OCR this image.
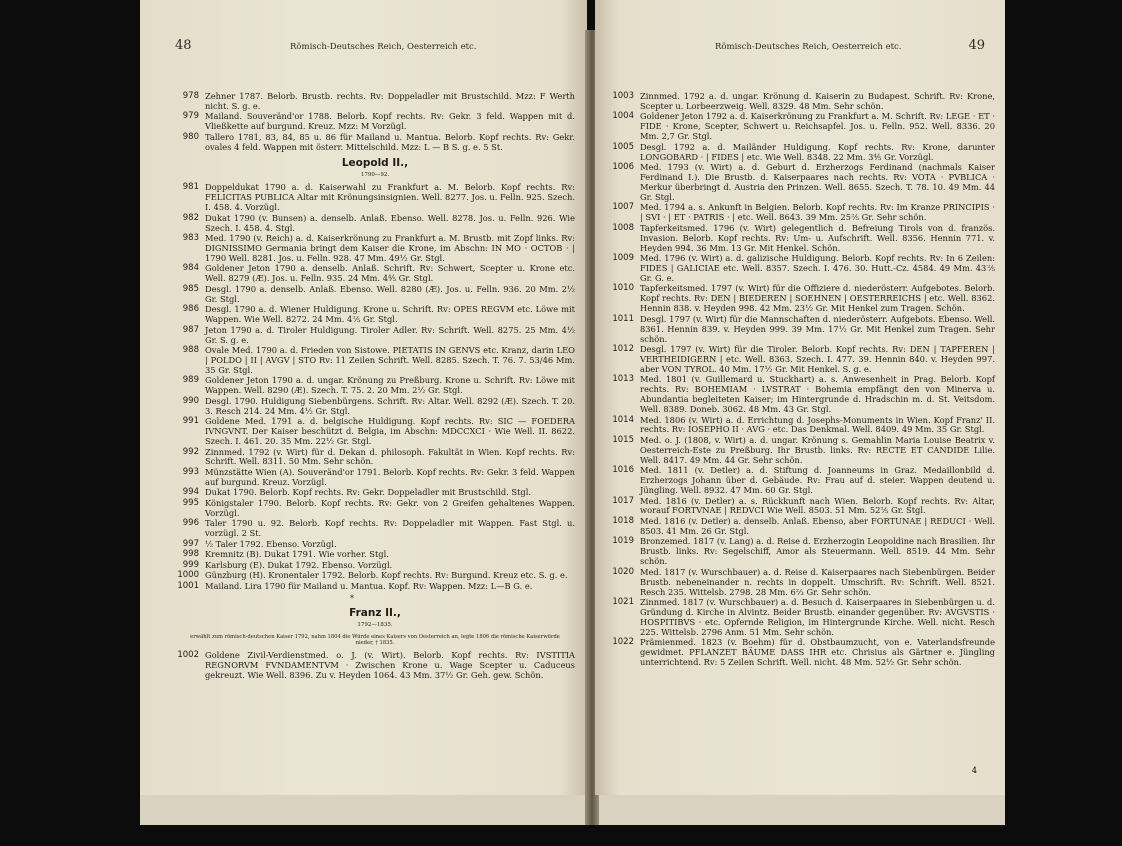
48	Römisch-Deutsches Reich, Oesterreich etc.
978 Zehner 1787. Belorb. Brustb. rechts. Rv: Doppeladler mit Brustschild. Mzz: F Werth nicht. S. g. e.
979 Mailand. Souveränd'or 1788. Belorb. Kopf rechts. Rv: Gekr. 3 feld. Wappen mit d. Vließkette auf burgund. Kreuz. Mzz: M Vorzügl.
980 Tallero 1781, 83, 84, 85 u. 86 für Mailand u. Mantua. Belorb. Kopf rechts. Rv: Gekr. ovales 4 feld. Wappen mit österr. Mittelschild. Mzz: L — B S. g. e. 5 St.
Leopold II.,
1790—92.
981 Doppeldukat 1790 a. d. Kaiserwahl zu Frankfurt a. M. Belorb. Kopf rechts. Rv: FELICITAS PUBLICA Altar mit Krönungsinsignien. Well. 8277. Jos. u. Felln. 925. Szech. I. 458. 4. Vorzügl.
982 Dukat 1790 (v. Bunsen) a. denselb. Anlaß. Ebenso. Well. 8278. Jos. u. Felln. 926. Wie Szech. I. 458. 4. Stgl.
983 Med. 1790 (v. Reich) a. d. Kaiserkrönung zu Frankfurt a. M. Brustb. mit Zopf links. Rv: DIGNISSIMO Germania bringt dem Kaiser die Krone, im Abschn: IN MO · OCTOB · | 1790 Well. 8281. Jos. u. Felln. 928. 47 Mm. 49½ Gr. Stgl.
984 Goldener Jeton 1790 a. denselb. Anlaß. Schrift. Rv: Schwert, Scepter u. Krone etc. Well. 8279 (Æ). Jos. u. Felln. 935. 24 Mm. 4⅘ Gr. Stgl.
985 Desgl. 1790 a. denselb. Anlaß. Ebenso. Well. 8280 (Æ). Jos. u. Felln. 936. 20 Mm. 2½ Gr. Stgl.
986 Desgl. 1790 a. d. Wiener Huldigung. Krone u. Schrift. Rv: OPES REGVM etc. Löwe mit Wappen. Wie Well. 8272. 24 Mm. 4⅖ Gr. Stgl.
987 Jeton 1790 a. d. Tiroler Huldigung. Tiroler Adler. Rv: Schrift. Well. 8275. 25 Mm. 4½ Gr. S. g. e.
988 Ovale Med. 1790 a. d. Frieden von Sistowe. PIETATIS IN GENVS etc. Kranz, darin LEO | POLDO | II | AVGV | STO Rv: 11 Zeilen Schrift. Well. 8285. Szech. T. 76. 7. 53/46 Mm. 35 Gr. Stgl.
989 Goldener Jeton 1790 a. d. ungar. Krönung zu Preßburg. Krone u. Schrift. Rv: Löwe mit Wappen. Well. 8290 (Æ). Szech. T. 75. 2. 20 Mm. 2½ Gr. Stgl.
990 Desgl. 1790. Huldigung Siebenbürgens. Schrift. Rv: Altar. Well. 8292 (Æ). Szech. T. 20. 3. Resch 214. 24 Mm. 4½ Gr. Stgl.
991 Goldene Med. 1791 a. d. belgische Huldigung. Kopf rechts. Rv: SIC — FOEDERA IVNGVNT. Der Kaiser beschützt d. Belgia, im Abschn: MDCCXCI · Wie Well. II. 8622. Szech. I. 461. 20. 35 Mm. 22½ Gr. Stgl.
992 Zinnmed. 1792 (v. Wirt) für d. Dekan d. philosoph. Fakultät in Wien. Kopf rechts. Rv: Schrift. Well. 8311. 50 Mm. Sehr schön.
993 Münzstätte Wien (A). Souveränd'or 1791. Belorb. Kopf rechts. Rv: Gekr. 3 feld. Wappen auf burgund. Kreuz. Vorzügl.
994 Dukat 1790. Belorb. Kopf rechts. Rv: Gekr. Doppeladler mit Brustschild. Stgl.
995 Königstaler 1790. Belorb. Kopf rechts. Rv: Gekr. von 2 Greifen gehaltenes Wappen. Vorzügl.
996 Taler 1790 u. 92. Belorb. Kopf rechts. Rv: Doppeladler mit Wappen. Fast Stgl. u. vorzügl. 2 St.
997 ½ Taler 1792. Ebenso. Vorzügl.
998 Kremnitz (B). Dukat 1791. Wie vorher. Stgl.
999 Karlsburg (E). Dukat 1792. Ebenso. Vorzügl.
1000 Günzburg (H). Kronentaler 1792. Belorb. Kopf rechts. Rv: Burgund. Kreuz etc. S. g. e.
1001 Mailand. Lira 1790 für Mailand u. Mantua. Kopf. Rv: Wappen. Mzz: L—B G. e.
*
Franz II.,
1792—1835.
erwählt zum römisch-deutschen Kaiser 1792, nahm 1804 die Würde eines Kaisers von Oesterreich an, legte 1806 die römische Kaiserwürde nieder, † 1835.
1002 Goldene Zivil-Verdienstmed. o. J. (v. Wirt). Belorb. Kopf rechts. Rv: IVSTITIA REGNORVM FVNDAMENTVM · Zwischen Krone u. Wage Scepter u. Caduceus gekreuzt. Wie Well. 8396. Zu v. Heyden 1064. 43 Mm. 37½ Gr. Geh. gew. Schön.
Römisch-Deutsches Reich, Oesterreich etc.	49
1003 Zinnmed. 1792 a. d. ungar. Krönung d. Kaiserin zu Budapest. Schrift. Rv: Krone, Scepter u. Lorbeerzweig. Well. 8329. 48 Mm. Sehr schön.
1004 Goldener Jeton 1792 a. d. Kaiserkrönung zu Frankfurt a. M. Schrift. Rv: LEGE · ET · FIDE · Krone, Scepter, Schwert u. Reichsapfel. Jos. u. Felln. 952. Well. 8336. 20 Mm. 2,7 Gr. Stgl.
1005 Desgl. 1792 a. d. Mailänder Huldigung. Kopf rechts. Rv: Krone, darunter LONGOBARD · | FIDES | etc. Wie Well. 8348. 22 Mm. 3⅘ Gr. Vorzügl.
1006 Med. 1793 (v. Wirt) a. d. Geburt d. Erzherzogs Ferdinand (nachmals Kaiser Ferdinand I.). Die Brustb. d. Kaiserpaares nach rechts. Rv: VOTA · PVBLICA · Merkur überbringt d. Austria den Prinzen. Well. 8655. Szech. T. 78. 10. 49 Mm. 44 Gr. Stgl.
1007 Med. 1794 a. s. Ankunft in Belgien. Belorb. Kopf rechts. Rv: Im Kranze PRINCIPIS · | SVI · | ET · PATRIS · | etc. Well. 8643. 39 Mm. 25⅖ Gr. Sehr schön.
1008 Tapferkeitsmed. 1796 (v. Wirt) gelegentlich d. Befreiung Tirols von d. französ. Invasion. Belorb. Kopf rechts. Rv: Um- u. Aufschrift. Well. 8356. Hennin 771. v. Heyden 994. 36 Mm. 13 Gr. Mit Henkel. Schön.
1009 Med. 1796 (v. Wirt) a. d. galizische Huldigung. Belorb. Kopf rechts. Rv: In 6 Zeilen: FIDES | GALICIAE etc. Well. 8357. Szech. I. 476. 30. Hutt.-Cz. 4584. 49 Mm. 43⅖ Gr. G. e.
1010 Tapferkeitsmed. 1797 (v. Wirt) für die Offiziere d. niederösterr. Aufgebotes. Belorb. Kopf rechts. Rv: DEN | BIEDEREN | SOEHNEN | OESTERREICHS | etc. Well. 8362. Hennin 838. v. Heyden 998. 42 Mm. 23½ Gr. Mit Henkel zum Tragen. Schön.
1011 Desgl. 1797 (v. Wirt) für die Mannschaften d. niederösterr. Aufgebots. Ebenso. Well. 8361. Hennin 839. v. Heyden 999. 39 Mm. 17½ Gr. Mit Henkel zum Tragen. Sehr schön.
1012 Desgl. 1797 (v. Wirt) für die Tiroler. Belorb. Kopf rechts. Rv: DEN | TAPFEREN | VERTHEIDIGERN | etc. Well. 8363. Szech. I. 477. 39. Hennin 840. v. Heyden 997. aber VON TYROL. 40 Mm. 17½ Gr. Mit Henkel. S. g. e.
1013 Med. 1801 (v. Guillemard u. Stuckhart) a. s. Anwesenheit in Prag. Belorb. Kopf rechts. Rv: BOHEMIAM · LVSTRAT · Bohemia empfängt den von Minerva u. Abundantia begleiteten Kaiser; im Hintergrunde d. Hradschin m. d. St. Veitsdom. Well. 8389. Doneb. 3062. 48 Mm. 43 Gr. Stgl.
1014 Med. 1806 (v. Wirt) a. d. Errichtung d. Josephs-Monuments in Wien. Kopf Franz' II. rechts. Rv: IOSEPHO II · AVG · etc. Das Denkmal. Well. 8409. 49 Mm. 35 Gr. Stgl.
1015 Med. o. J. (1808, v. Wirt) a. d. ungar. Krönung s. Gemahlin Maria Louise Beatrix v. Oesterreich-Este zu Preßburg. Ihr Brustb. links. Rv: RECTE ET CANDIDE Lilie. Well. 8417. 49 Mm. 44 Gr. Sehr schön.
1016 Med. 1811 (v. Detler) a. d. Stiftung d. Joanneums in Graz. Medaillonbild d. Erzherzogs Johann über d. Gebäude. Rv: Frau auf d. steier. Wappen deutend u. Jüngling. Well. 8932. 47 Mm. 60 Gr. Stgl.
1017 Med. 1816 (v. Detler) a. s. Rückkunft nach Wien. Belorb. Kopf rechts. Rv: Altar, worauf FORTVNAE | REDVCI Wie Well. 8503. 51 Mm. 52⅖ Gr. Stgl.
1018 Med. 1816 (v. Detler) a. denselb. Anlaß. Ebenso, aber FORTUNAE | REDUCI · Well. 8503. 41 Mm. 26 Gr. Stgl.
1019 Bronzemed. 1817 (v. Lang) a. d. Reise d. Erzherzogin Leopoldine nach Brasilien. Ihr Brustb. links. Rv: Segelschiff, Amor als Steuermann. Well. 8519. 44 Mm. Sehr schön.
1020 Med. 1817 (v. Wurschbauer) a. d. Reise d. Kaiserpaares nach Siebenbürgen. Beider Brustb. nebeneinander n. rechts in doppelt. Umschrift. Rv: Schrift. Well. 8521. Resch 235. Wittelsb. 2798. 28 Mm. 6⅔ Gr. Sehr schön.
1021 Zinnmed. 1817 (v. Wurschbauer) a. d. Besuch d. Kaiserpaares in Siebenbürgen u. d. Gründung d. Kirche in Alvintz. Beider Brustb. einander gegenüber. Rv: AVGVSTIS · HOSPITIBVS · etc. Opfernde Religion, im Hintergrunde Kirche. Well. nicht. Resch 225. Wittelsb. 2796 Anm. 51 Mm. Sehr schön.
1022 Prämienmed. 1823 (v. Boehm) für d. Obstbaumzucht, von e. Vaterlandsfreunde gewidmet. PFLANZET BÄUME DASS IHR etc. Chrisius als Gärtner e. Jüngling unterrichtend. Rv: 5 Zeilen Schrift. Well. nicht. 48 Mm. 52½ Gr. Sehr schön.
4
